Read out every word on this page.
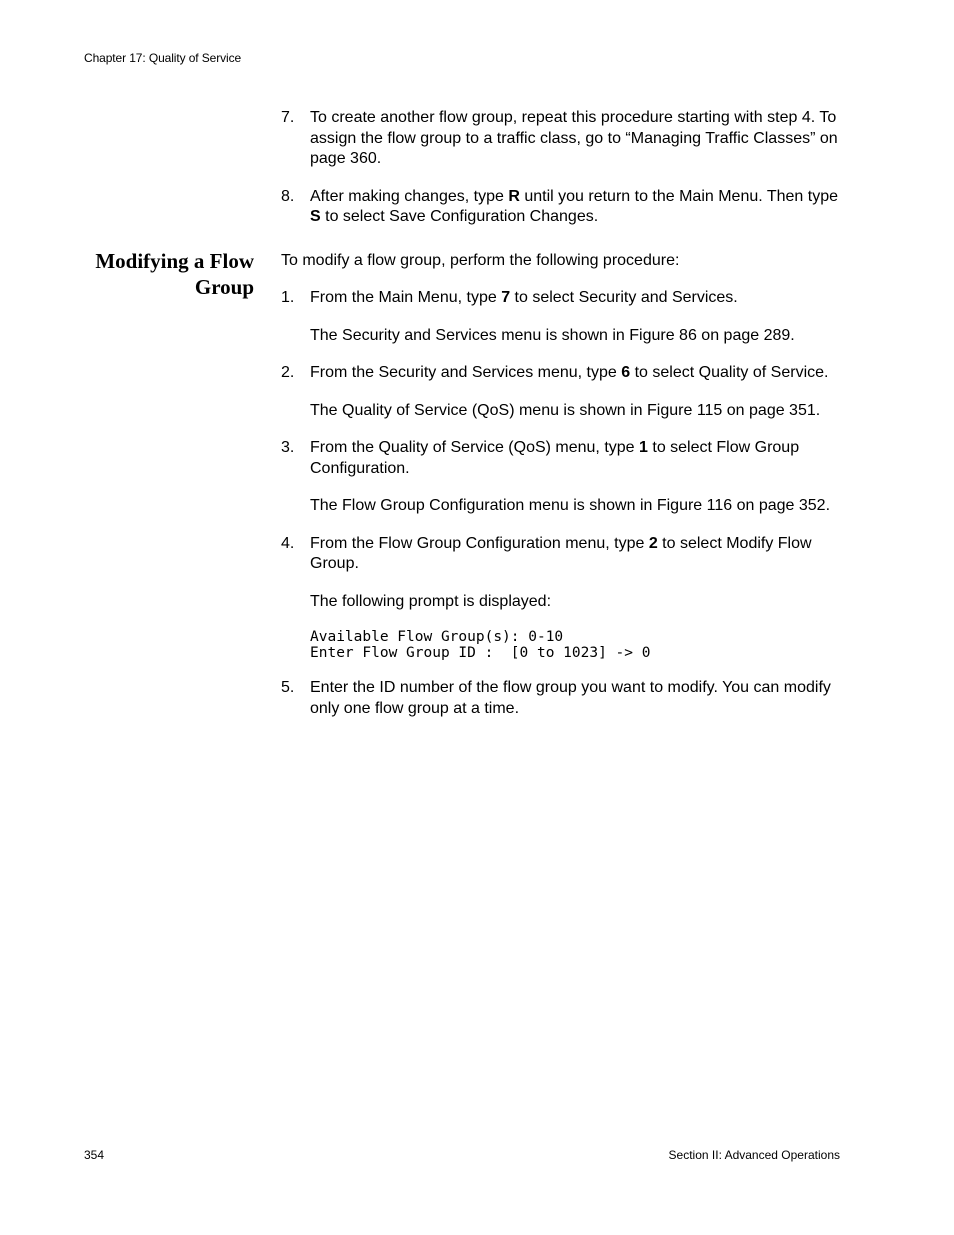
Chapter 17: Quality of Service
Modifying a Flow Group
7. To create another flow group, repeat this procedure starting with step 4. To assign the flow group to a traffic class, go to “Managing Traffic Classes” on page 360.

8. After making changes, type R until you return to the Main Menu. Then type S to select Save Configuration Changes.

To modify a flow group, perform the following procedure:

1. From the Main Menu, type 7 to select Security and Services.

The Security and Services menu is shown in Figure 86 on page 289.

2. From the Security and Services menu, type 6 to select Quality of Service.

The Quality of Service (QoS) menu is shown in Figure 115 on page 351.

3. From the Quality of Service (QoS) menu, type 1 to select Flow Group Configuration.

The Flow Group Configuration menu is shown in Figure 116 on page 352.

4. From the Flow Group Configuration menu, type 2 to select Modify Flow Group.

The following prompt is displayed:

Available Flow Group(s): 0-10
Enter Flow Group ID :  [0 to 1023] -> 0
5. Enter the ID number of the flow group you want to modify. You can modify only one flow group at a time.

354	Section II: Advanced Operations
